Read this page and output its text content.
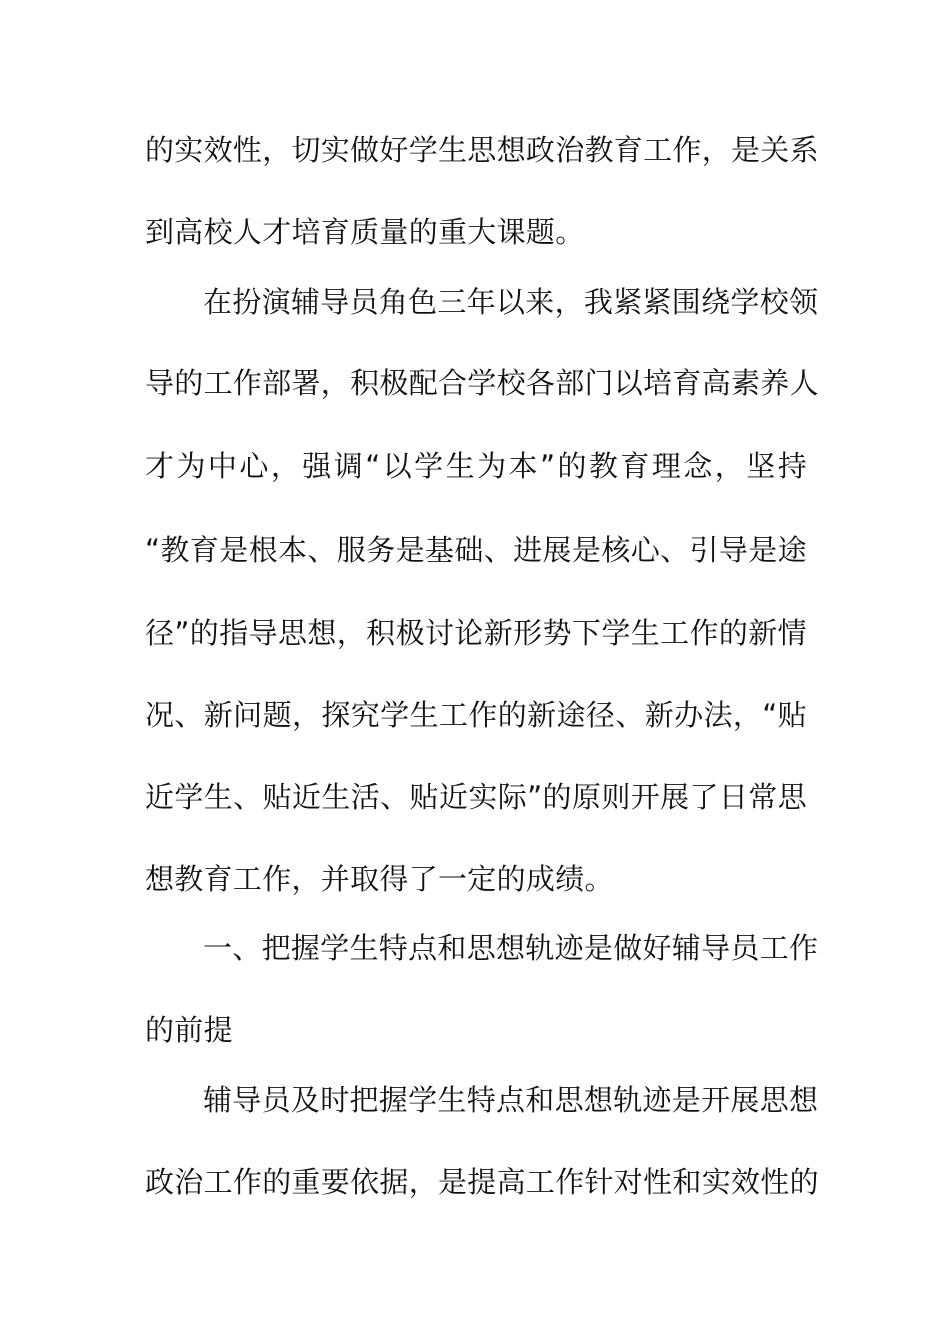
的实效性，切实做好学生思想政治教育工作，是关系
到高校人才培育质量的重大课题。
在扮演辅导员角色三年以来，我紧紧围绕学校领
导的工作部署，积极配合学校各部门以培育高素养人
才为中心，强调“以学生为本”的教育理念，坚持
“教育是根本、服务是基础、进展是核心、引导是途
径”的指导思想，积极讨论新形势下学生工作的新情
况、新问题，探究学生工作的新途径、新办法，“贴
近学生、贴近生活、贴近实际”的原则开展了日常思
想教育工作，并取得了一定的成绩。
一、把握学生特点和思想轨迹是做好辅导员工作
的前提
辅导员及时把握学生特点和思想轨迹是开展思想
政治工作的重要依据，是提高工作针对性和实效性的
